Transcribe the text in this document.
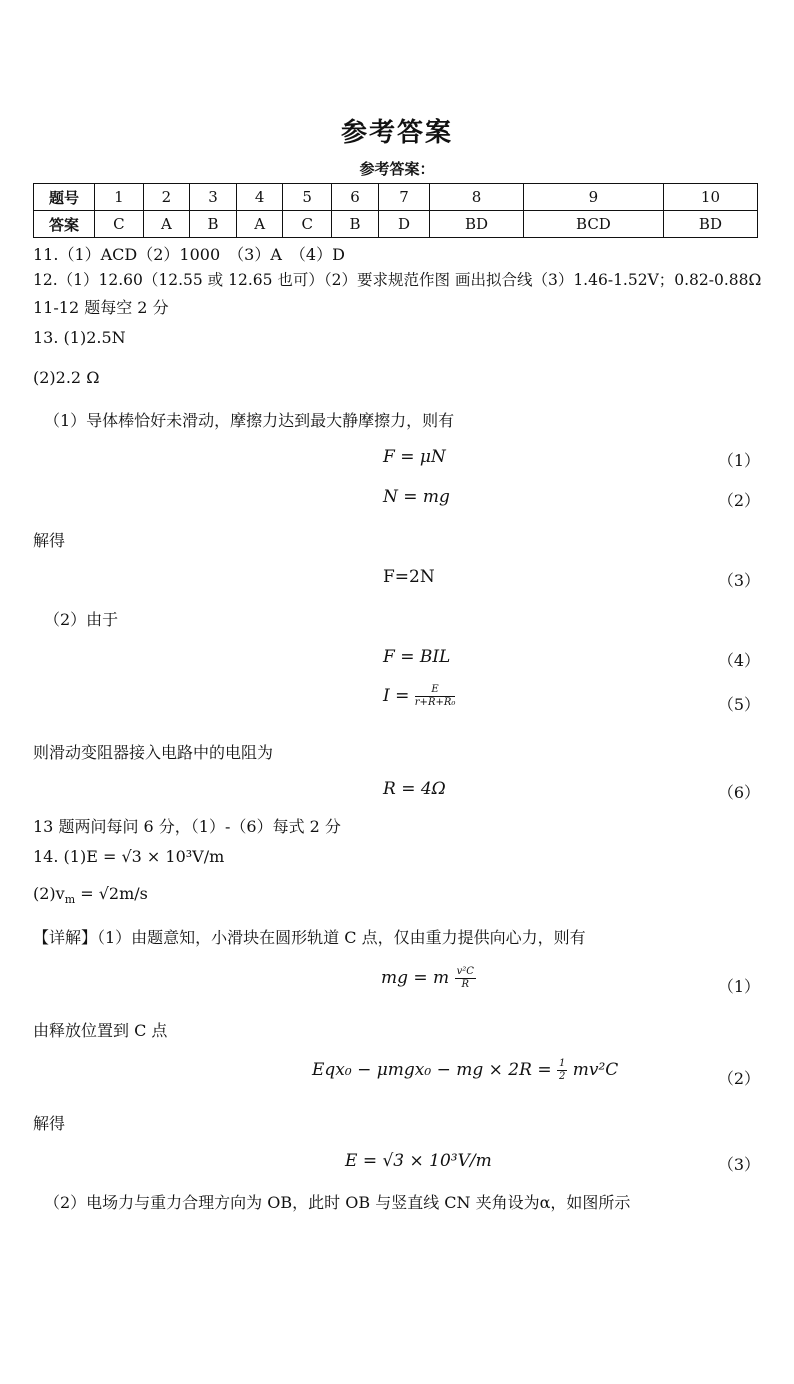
参考答案
参考答案：
题号	1	2	3	4	5	6	7	8	9	10
答案	C	A	B	A	C	B	D	BD	BCD	BD
11.（1）ACD（2）1000　（3）A　（4）D
12.（1）12.60（12.55 或 12.65 也可）（2）要求规范作图 画出拟合线（3）1.46-1.52V；0.82-0.88Ω
11-12 题每空 2 分
13. (1)2.5N
(2)2.2 Ω
（1）导体棒恰好未滑动，摩擦力达到最大静摩擦力，则有
F = μN	（1）
N = mg	（2）
解得
F=2N	（3）
（2）由于
F = BIL	（4）
$I = \frac{E}{\text{r+R+R₀}}$	（5）
则滑动变阻器接入电路中的电阻为
R = 4Ω	（6）
13 题两问每问 6 分，（1）-（6）每式 2 分
14. (1)E = √3 × 10³V/m
$(2)v_m = √2m/s$
【详解】（1）由题意知，小滑块在圆形轨道 C 点，仅由重力提供向心力，则有
mg = m $\frac{\text{v²C}}{R}$	（1）
由释放位置到 C 点
Eqx₀ − μmgx₀ − mg × $2R = \frac{1}{2} mv^2C$	（2）
解得
E = √3 × 10³V/m	（3）
（2）电场力与重力合理方向为 OB，此时 OB 与竖直线 CN 夹角设为α，如图所示
